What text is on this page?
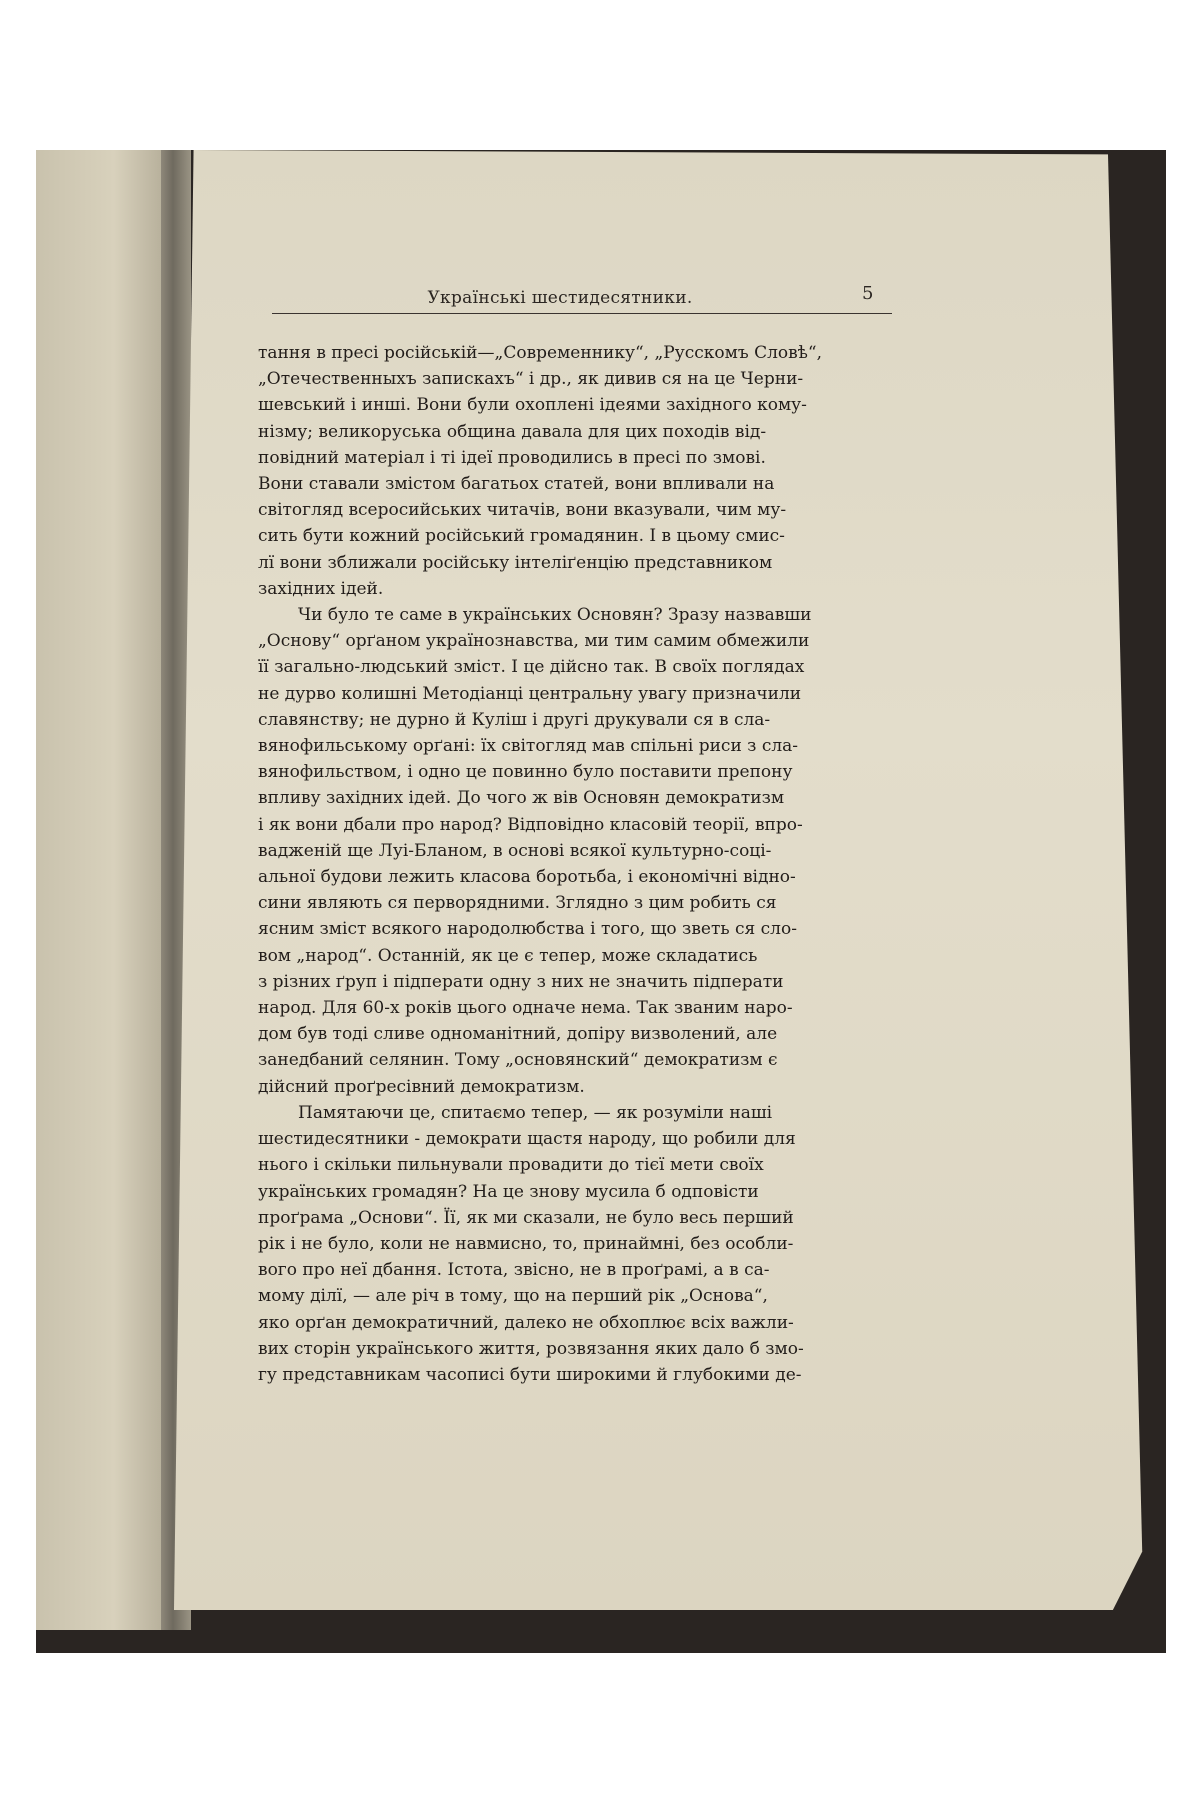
Українські шестидесятники.	5
тання в пресі російській—„Современнику“, „Русскомъ Словѣ“,
„Отечественныхъ запискахъ“ і др., як дивив ся на це Черни-
шевський і инші. Вони були охоплені ідеями західного кому-
нізму; великоруська община давала для цих походів від-
повідний матеріал і ті ідеї проводились в пресі по змові.
Вони ставали змістом багатьох статей, вони впливали на
світогляд всеросийських читачів, вони вказували, чим му-
сить бути кожний російський громадянин. І в цьому смис-
лї вони зближали російську інтеліґенцію представником
західних ідей.
Чи було те саме в українських Основян? Зразу назвавши
„Основу“ орґаном українознавства, ми тим самим обмежили
її загально-людський зміст. І це дійсно так. В своїх поглядах
не дурво колишні Методіанці центральну увагу призначили
славянству; не дурно й Куліш і другі друкували ся в сла-
вянофильському орґані: їх світогляд мав спільні риси з сла-
вянофильством, і одно це повинно було поставити препону
впливу західних ідей. До чого ж вів Основян демократизм
і як вони дбали про народ? Відповідно класовій теорії, впро-
вадженій ще Луі-Бланом, в основі всякої культурно-соці-
альної будови лежить класова боротьба, і економічні відно-
сини являють ся перворядними. Зглядно з цим робить ся
ясним зміст всякого народолюбства і того, що зветь ся сло-
вом „народ“. Останній, як це є тепер, може складатись
з різних ґруп і підперати одну з них не значить підперати
народ. Для 60-х років цього одначе нема. Так званим наро-
дом був тоді сливе одноманітний, допіру визволений, але
занедбаний селянин. Тому „основянский“ демократизм є
дійсний проґресівний демократизм.
Памятаючи це, спитаємо тепер, — як розуміли наші
шестидесятники - демократи щастя народу, що робили для
нього і скільки пильнували провадити до тієї мети своїх
українських громадян? На це знову мусила б одповісти
проґрама „Основи“. Її, як ми сказали, не було весь перший
рік і не було, коли не навмисно, то, принаймні, без особли-
вого про неї дбання. Істота, звісно, не в проґрамі, а в са-
мому ділї, — але річ в тому, що на перший рік „Основа“,
яко орґан демократичний, далеко не обхоплює всіх важли-
вих сторін українського життя, розвязання яких дало б змо-
гу представникам часописі бути широкими й глубокими де-
